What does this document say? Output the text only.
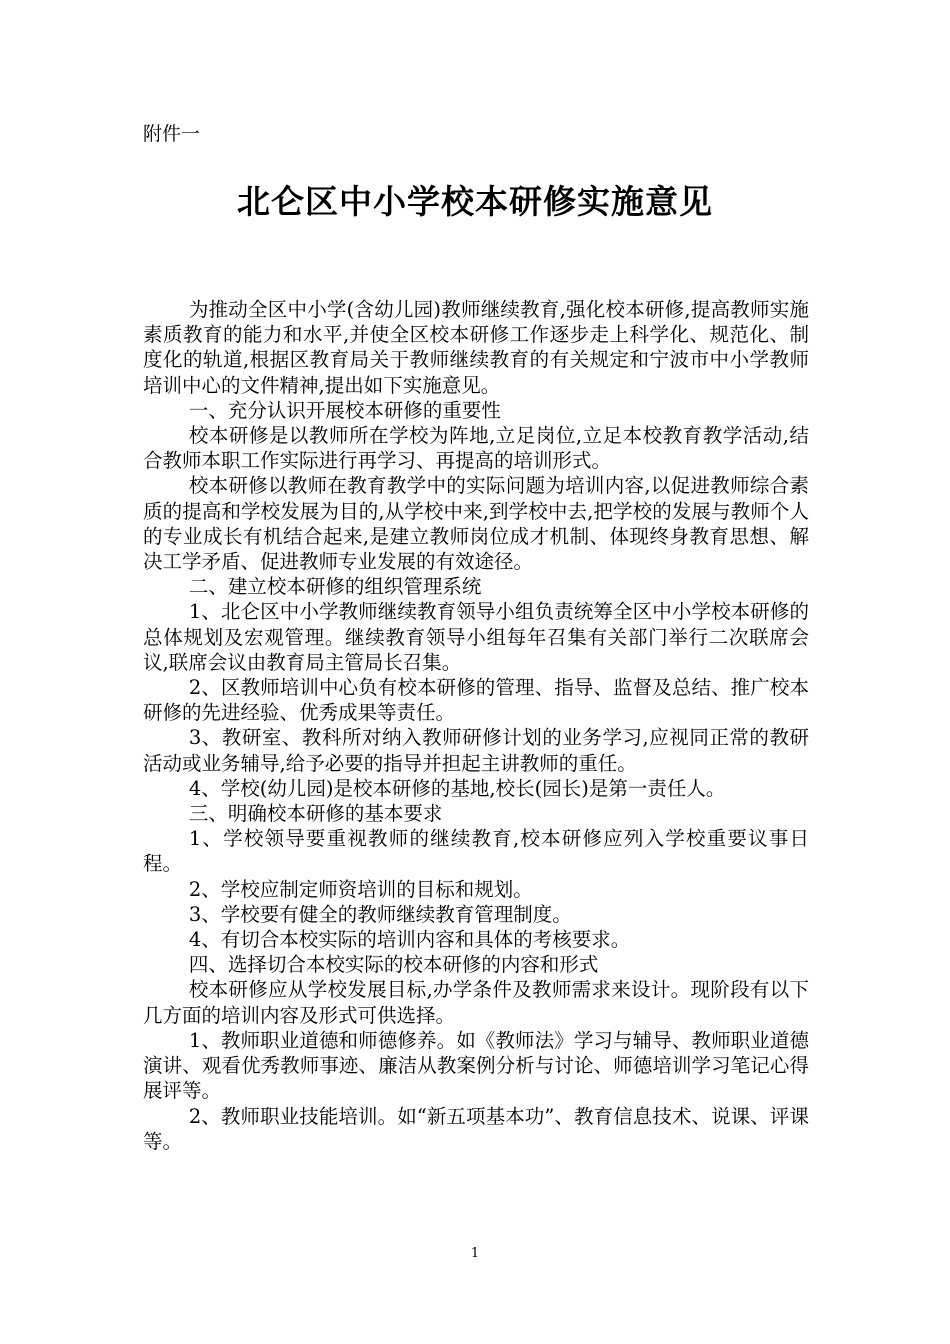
附件一
北仑区中小学校本研修实施意见

为推动全区中小学(含幼儿园)教师继续教育,强化校本研修,提高教师实施素质教育的能力和水平,并使全区校本研修工作逐步走上科学化、规范化、制度化的轨道,根据区教育局关于教师继续教育的有关规定和宁波市中小学教师培训中心的文件精神,提出如下实施意见。

一、充分认识开展校本研修的重要性

校本研修是以教师所在学校为阵地,立足岗位,立足本校教育教学活动,结合教师本职工作实际进行再学习、再提高的培训形式。

校本研修以教师在教育教学中的实际问题为培训内容,以促进教师综合素质的提高和学校发展为目的,从学校中来,到学校中去,把学校的发展与教师个人的专业成长有机结合起来,是建立教师岗位成才机制、体现终身教育思想、解决工学矛盾、促进教师专业发展的有效途径。

二、建立校本研修的组织管理系统

1、北仑区中小学教师继续教育领导小组负责统筹全区中小学校本研修的总体规划及宏观管理。继续教育领导小组每年召集有关部门举行二次联席会议,联席会议由教育局主管局长召集。

2、区教师培训中心负有校本研修的管理、指导、监督及总结、推广校本研修的先进经验、优秀成果等责任。

3、教研室、教科所对纳入教师研修计划的业务学习,应视同正常的教研活动或业务辅导,给予必要的指导并担起主讲教师的重任。

4、学校(幼儿园)是校本研修的基地,校长(园长)是第一责任人。

三、明确校本研修的基本要求

1、学校领导要重视教师的继续教育,校本研修应列入学校重要议事日程。

2、学校应制定师资培训的目标和规划。

3、学校要有健全的教师继续教育管理制度。

4、有切合本校实际的培训内容和具体的考核要求。

四、选择切合本校实际的校本研修的内容和形式

校本研修应从学校发展目标,办学条件及教师需求来设计。现阶段有以下几方面的培训内容及形式可供选择。

1、教师职业道德和师德修养。如《教师法》学习与辅导、教师职业道德演讲、观看优秀教师事迹、廉洁从教案例分析与讨论、师德培训学习笔记心得展评等。

2、教师职业技能培训。如“新五项基本功”、教育信息技术、说课、评课等。

1
